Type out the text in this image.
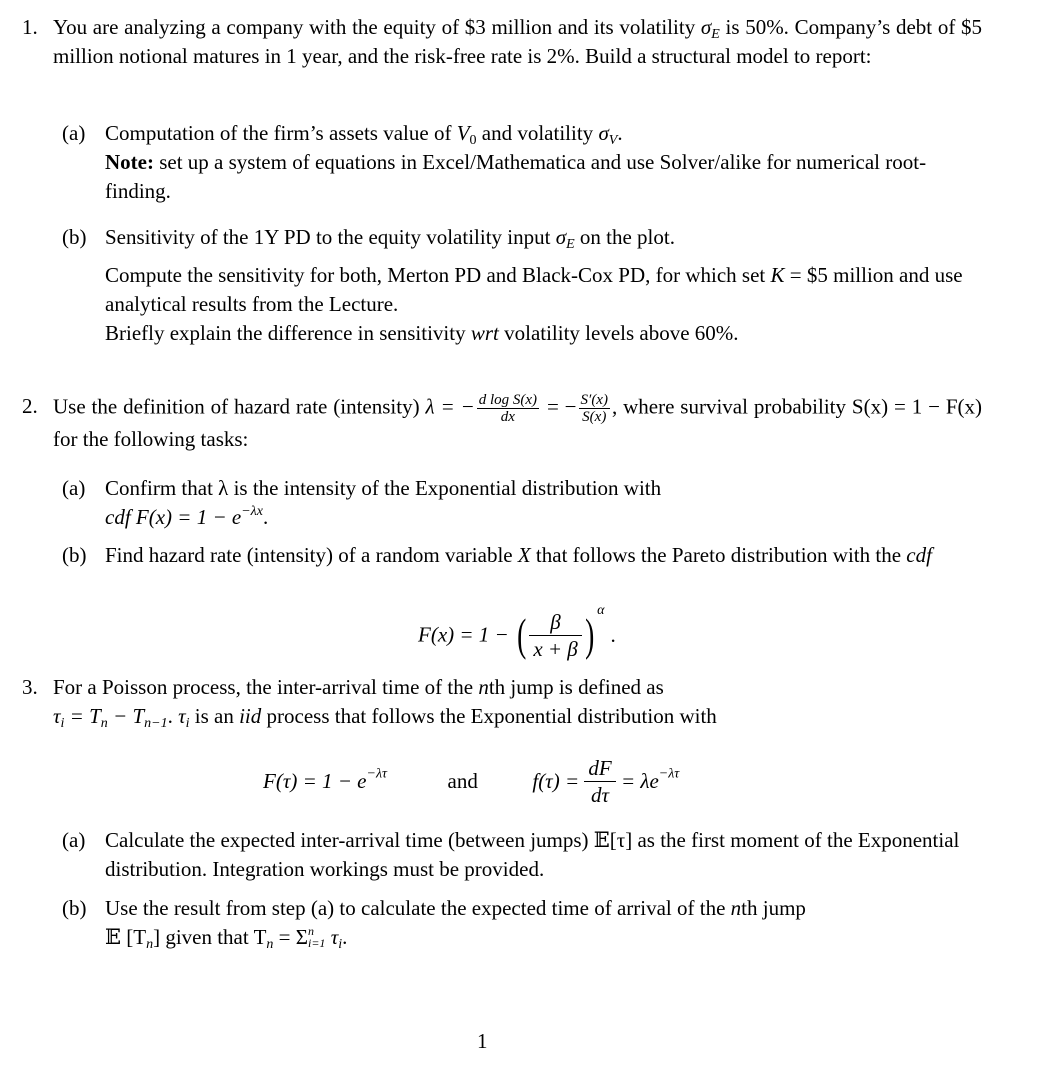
1. You are analyzing a company with the equity of $3 million and its volatility $\sigma_E$ is 50%. Company’s debt of $5 million notional matures in 1 year, and the risk-free rate is 2%. Build a structural model to report:
(a) Computation of the firm’s assets value of $V_0$ and volatility $\sigma_V$.

Note: set up a system of equations in Excel/Mathematica and use Solver/alike for numerical root-finding.

(b) Sensitivity of the 1Y PD to the equity volatility input $\sigma_E$ on the plot.

Compute the sensitivity for both, Merton PD and Black-Cox PD, for which set K = $5 million and use analytical results from the Lecture.

Briefly explain the difference in sensitivity wrt volatility levels above 60%.

2. Use the definition of hazard rate (intensity) λ = − $\frac{\text{d log S(x)}}{dx}$ = − $\frac{S'(x)}{S(x)}$ , where survival probability S(x) = 1 − F(x) for the following tasks:
(a) Confirm that λ is the intensity of the Exponential distribution with

cdf $F(x) = 1 - e^{-\lambda x}$.

(b) Find hazard rate (intensity) of a random variable X that follows the Pareto distribution with the cdf

F(x) = 1 − ( $\frac{\beta}{x + \beta}$ ) $^\alpha$.
3. For a Poisson process, the inter-arrival time of the nth jump is defined as
$\tau_i = T_n - T_{n-1}$. $\tau_i$ is an iid process that follows the Exponential distribution with
$F(\tau) = 1 - e^{-\lambda\tau}$	and	$f(\tau) = \frac{dF}{d\tau} = \lambda e^{-\lambda\tau}$
(a) Calculate the expected inter-arrival time (between jumps) 𝔼[τ] as the first moment of the Exponential distribution. Integration workings must be provided.

(b) Use the result from step (a) to calculate the expected time of arrival of the nth jump
𝔼 $[T_n]$ given that $T_n = \Sigma$ n
i=1 $\tau_i$.

1
